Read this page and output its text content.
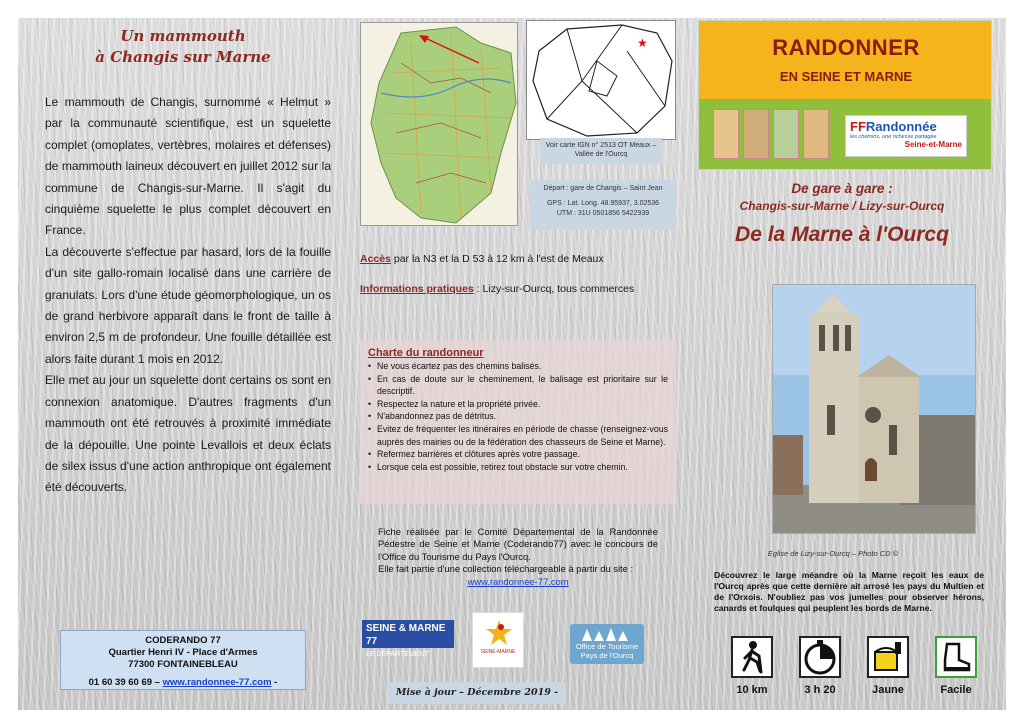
Un mammouth
à Changis sur Marne

Le mammouth de Changis, surnommé « Helmut » par la communauté scientifique, est un squelette complet (omoplates, vertèbres, molaires et défenses) de mammouth laineux découvert en juillet 2012 sur la commune de Changis-sur-Marne. Il s'agit du cinquième squelette le plus complet découvert en France.

La découverte s'effectue par hasard, lors de la fouille d'un site gallo-romain localisé dans une carrière de granulats. Lors d'une étude géomorphologique, un os de grand herbivore apparaît dans le front de taille à environ 2,5 m de profondeur. Une fouille détaillée est alors faite durant 1 mois en 2012.

Elle met au jour un squelette dont certains os sont en connexion anatomique. D'autres fragments d'un mammouth ont été retrouvés à proximité immédiate de la dépouille. Une pointe Levallois et deux éclats de silex issus d'une action anthropique ont également été découverts.

CODERANDO 77
Quartier Henri IV - Place d'Armes
77300 FONTAINEBLEAU
01 60 39 60 69 – www.randonnee-77.com -
★
Voir carte IGN n° 2513 OT Meaux – Vallée de l'Ourcq
Départ : gare de Changis – Saint Jean
GPS : Lat. Long. 48.95937, 3.02536
UTM : 31U 0501856 5422939
Accès par la N3 et la D 53 à 12 km à l'est de Meaux
Informations pratiques : Lizy-sur-Ourcq, tous commerces
Charte du randonneur
• Ne vous écartez pas des chemins balisés.
• En cas de doute sur le cheminement, le balisage est prioritaire sur le descriptif.
• Respectez la nature et la propriété privée.
• N'abandonnez pas de détritus.
• Evitez de fréquenter les itinéraires en période de chasse (renseignez-vous auprès des mairies ou de la fédération des chasseurs de Seine et Marne).
• Refermez barrières et clôtures après votre passage.
• Lorsque cela est possible, retirez tout obstacle sur votre chemin.
Fiche réalisée par le Comité Départemental de la Randonnée Pédestre de Seine et Marne (Coderando77) avec le concours de l'Office du Tourisme du Pays l'Ourcq.
Elle fait partie d'une collection téléchargeable à partir du site :
www.randonnee-77.com
SEINE & MARNE 77
LE DÉPARTEMENT	SEINE-MARNE
Office de Tourisme Pays de l'Ourcq
Mise à jour – Décembre 2019 -
RANDONNER
EN SEINE ET MARNE
FFRandonnée
les chemins, une richesse partagée
Seine-et-Marne
De gare à gare :
Changis-sur-Marne / Lizy-sur-Ourcq
De la Marne à l'Ourcq
Eglise de Lizy-sur-Ourcq – Photo CD ©
Découvrez le large méandre où la Marne reçoit les eaux de l'Ourcq après que cette dernière ait arrosé les pays du Multien et de l'Orxois. N'oubliez pas vos jumelles pour observer hérons, canards et foulques qui peuplent les bords de Marne.
10 km	3 h 20	Jaune	Facile
